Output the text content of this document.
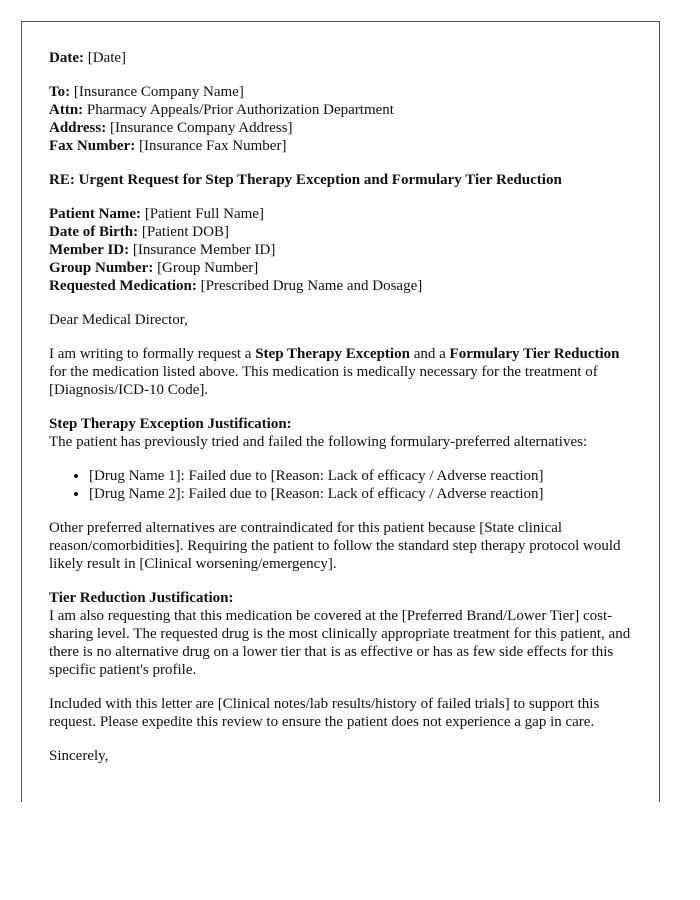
Date: [Date]

To: [Insurance Company Name]

Attn: Pharmacy Appeals/Prior Authorization Department

Address: [Insurance Company Address]

Fax Number: [Insurance Fax Number]

RE: Urgent Request for Step Therapy Exception and Formulary Tier Reduction

Patient Name: [Patient Full Name]

Date of Birth: [Patient DOB]

Member ID: [Insurance Member ID]

Group Number: [Group Number]

Requested Medication: [Prescribed Drug Name and Dosage]

Dear Medical Director,

I am writing to formally request a Step Therapy Exception and a Formulary Tier Reduction for the medication listed above. This medication is medically necessary for the treatment of [Diagnosis/ICD-10 Code].

Step Therapy Exception Justification:

The patient has previously tried and failed the following formulary-preferred alternatives:

• [Drug Name 1]: Failed due to [Reason: Lack of efficacy / Adverse reaction]
• [Drug Name 2]: Failed due to [Reason: Lack of efficacy / Adverse reaction]

Other preferred alternatives are contraindicated for this patient because [State clinical reason/comorbidities]. Requiring the patient to follow the standard step therapy protocol would likely result in [Clinical worsening/emergency].

Tier Reduction Justification:

I am also requesting that this medication be covered at the [Preferred Brand/Lower Tier] cost-sharing level. The requested drug is the most clinically appropriate treatment for this patient, and there is no alternative drug on a lower tier that is as effective or has as few side effects for this specific patient's profile.

Included with this letter are [Clinical notes/lab results/history of failed trials] to support this request. Please expedite this review to ensure the patient does not experience a gap in care.

Sincerely,
